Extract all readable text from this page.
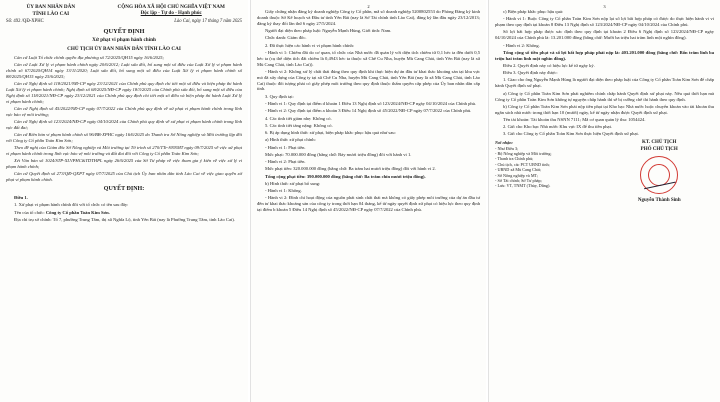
ỦY BAN NHÂN DÂN
TỈNH LÀO CAI
CỘNG HÒA XÃ HỘI CHỦ NGHĨA VIỆT NAM
Độc lập - Tự do - Hạnh phúc
Số: 492 /QĐ-XPHC	Lào Cai, ngày 17 tháng 7 năm 2025
QUYẾT ĐỊNH
Xử phạt vi phạm hành chính
CHỦ TỊCH ỦY BAN NHÂN DÂN TỈNH LÀO CAI

Căn cứ Luật Tổ chức chính quyền địa phương số 72/2025/QH15 ngày 16/6/2025;

Căn cứ Luật Xử lý vi phạm hành chính ngày 20/6/2012; Luật sửa đổi, bổ sung một số điều của Luật Xử lý vi phạm hành chính số 67/2020/QH14 ngày 13/11/2020; Luật sửa đổi, bổ sung một số điều của Luật Xử lý vi phạm hành chính số 88/2025/QH15 ngày 25/6/2025;

Căn cứ Nghị định số 118/2021/NĐ-CP ngày 23/12/2021 của Chính phủ quy định chi tiết một số điều và biện pháp thi hành Luật Xử lý vi phạm hành chính; Nghị định số 68/2025/NĐ-CP ngày 18/3/2025 của Chính phủ sửa đổi, bổ sung một số điều của Nghị định số 118/2021/NĐ-CP ngày 23/12/2021 của Chính phủ quy định chi tiết một số điều và biện pháp thi hành Luật Xử lý vi phạm hành chính;

Căn cứ Nghị định số 45/2022/NĐ-CP ngày 07/7/2022 của Chính phủ quy định về xử phạt vi phạm hành chính trong lĩnh vực bảo vệ môi trường;

Căn cứ Nghị định số 123/2024/NĐ-CP ngày 04/10/2024 của Chính phủ quy định về xử phạt vi phạm hành chính trong lĩnh vực đất đai;

Căn cứ Biên bản vi phạm hành chính số 96/BB-XPHC ngày 16/6/2025 do Thanh tra Sở Nông nghiệp và Môi trường lập đối với Công ty Cổ phần Toàn Kim Sơn;

Theo đề nghị của Giám đốc Sở Nông nghiệp và Môi trường tại Tờ trình số 270/TTr-SNNMT ngày 09/7/2025 về việc xử phạt vi phạm hành chính trong lĩnh vực bảo vệ môi trường và đất đai đối với Công ty Cổ phần Toàn Kim Sơn;

Xét Văn bản số 1024/STP-XLVPHC&TDTHPL ngày 26/6/2025 của Sở Tư pháp về việc tham gia ý kiến về việc xử lý vi phạm hành chính;

Căn cứ Quyết định số 273/QĐ-QXPT ngày 07/7/2025 của Chủ tịch Ủy ban nhân dân tỉnh Lào Cai về việc giao quyền xử phạt vi phạm hành chính.

QUYẾT ĐỊNH:
Điều 1.

1. Xử phạt vi phạm hành chính đối với tổ chức có tên sau đây:

Tên của tổ chức: Công ty Cổ phần Toàn Kim Sơn.

Địa chỉ trụ sở chính: Tổ 7, phường Trung Tâm, thị xã Nghĩa Lộ, tỉnh Yên Bái (nay là Phường Trung Tâm, tỉnh Lào Cai).

2

Giấy chứng nhận đăng ký doanh nghiệp Công ty Cổ phần, mã số doanh nghiệp 5200802553 do Phòng Đăng ký kinh doanh thuộc Sở Kế hoạch và Đầu tư tỉnh Yên Bái (nay là Sở Tài chính tỉnh Lào Cai), đăng ký lần đầu ngày 23/12/2013; đăng ký thay đổi lần thứ 6 ngày 27/5/2024.

Người đại diện theo pháp luật: Nguyễn Mạnh Hùng, Giới tính: Nam.

Chức danh: Giám đốc.

2. Đã thực hiện các hành vi vi phạm hành chính:

- Hành vi 1: Chiếm đất do cơ quan, tổ chức của Nhà nước đã quản lý với diện tích chiếm từ 0,1 héc ta đến dưới 0,5 héc ta (cụ thể diện tích đất chiếm là 0,4943 héc ta thuộc xã Chế Cu Nha, huyện Mù Cang Chải, tỉnh Yên Bái (nay là xã Mù Cang Chải, tỉnh Lào Cai)).

- Hành vi 2: Không xử lý chất thải đúng theo quy định khi thực hiện dự án đầu tư khai thác khoáng sản tại khu vực mỏ đá xây dựng của Công ty tại xã Chế Cu Nha, huyện Mù Cang Chải, tỉnh Yên Bái (nay là xã Mù Cang Chải, tỉnh Lào Cai) thuộc đối tượng phải có giấy phép môi trường theo quy định thuộc thẩm quyền cấp phép của Ủy ban nhân dân cấp tỉnh.

3. Quy định tại:

- Hành vi 1: Quy định tại điểm d khoản 1 Điều 13 Nghị định số 123/2024/NĐ-CP ngày 04/10/2024 của Chính phủ.

- Hành vi 2: Quy định tại điểm a khoản 3 Điều 14 Nghị định số 45/2022/NĐ-CP ngày 07/7/2022 của Chính phủ.

4. Các tình tiết giảm nhẹ: Không có.

5. Các tình tiết tăng nặng: Không có.

6. Bị áp dụng hình thức xử phạt, biện pháp khắc phục hậu quả như sau:

a) Hình thức xử phạt chính:

- Hành vi 1: Phạt tiền.

Mức phạt: 70.000.000 đồng (bằng chữ: Bảy mươi triệu đồng) đối với hành vi 1.

- Hành vi 2: Phạt tiền.

Mức phạt tiền: 320.000.000 đồng (bằng chữ: Ba trăm hai mươi triệu đồng) đối với hành vi 2.

Tổng cộng phạt tiền: 390.000.000 đồng (bằng chữ: Ba trăm chín mươi triệu đồng).

b) Hình thức xử phạt bổ sung:

- Hành vi 1: Không.

- Hành vi 2: Đình chỉ hoạt động của nguồn phát sinh chất thải mà không có giấy phép môi trường của dự án đầu tư đến tư khai thác khoáng sản của công ty trong thời hạn 04 tháng, kể từ ngày quyết định xử phạt có hiệu lực theo quy định tại điểm b khoản 5 Điều 14 Nghị định số 45/2022/NĐ-CP ngày 07/7/2022 của Chính phủ.

3

c) Biện pháp khắc phục hậu quả:

- Hành vi 1: Buộc Công ty Cổ phần Toàn Kim Sơn nộp lại số lợi bất hợp pháp có được do thực hiện hành vi vi phạm theo quy định tại khoản 8 Điều 13 Nghị định số 123/2024/NĐ-CP ngày 04/10/2024 của Chính phủ.

Số lợi bất hợp pháp được xác định theo quy định tại khoản 2 Điều 6 Nghị định số 123/2024/NĐ-CP ngày 04/10/2024 của Chính phủ là: 13.201.000 đồng (bằng chữ: Mười ba triệu hai trăm linh một nghìn đồng).

- Hành vi 2: Không.

Tổng cộng số tiền phạt và số lợi bất hợp pháp phải nộp là: 403.201.000 đồng (bằng chữ: Bốn trăm linh ba triệu hai trăm linh một nghìn đồng).

Điều 2. Quyết định này có hiệu lực kể từ ngày ký.

Điều 3. Quyết định này được:

1. Giao cho ông Nguyễn Mạnh Hùng là người đại diện theo pháp luật của Công ty Cổ phần Toàn Kim Sơn để chấp hành Quyết định xử phạt.

a) Công ty Cổ phần Toàn Kim Sơn phải nghiêm chỉnh chấp hành Quyết định xử phạt này. Nếu quá thời hạn mà Công ty Cổ phần Toàn Kim Sơn không tự nguyện chấp hành thì sẽ bị cưỡng chế thi hành theo quy định.

b) Công ty Cổ phần Toàn Kim Sơn phải nộp tiền phạt tại Kho bạc Nhà nước hoặc chuyển khoản vào tài khoản thu ngân sách nhà nước trong thời hạn 10 (mười) ngày, kể từ ngày nhận được Quyết định xử phạt.

Tên tài khoản: Tài khoản thu NSNN 7111; Mã cơ quan quản lý thu: 1054424.

2. Gửi cho Kho bạc Nhà nước Khu vực IX để thu tiền phạt.

3. Gửi cho Công ty Cổ phần Toàn Kim Sơn thực hiện Quyết định xử phạt.

Nơi nhận:
- Như Điều 3;
- Bộ Nông nghiệp và Môi trường;
- Thanh tra Chính phủ;
- Chủ tịch, các PCT UBND tỉnh;
- UBND xã Mù Cang Chải;
- Sở Nông nghiệp và MT;
- Sở Tài chính; Sở Tư pháp;
- Lưu: VT, TNMT (Thủy, Dũng).
KT. CHỦ TỊCH
PHÓ CHỦ TỊCH
Nguyễn Thành Sinh
